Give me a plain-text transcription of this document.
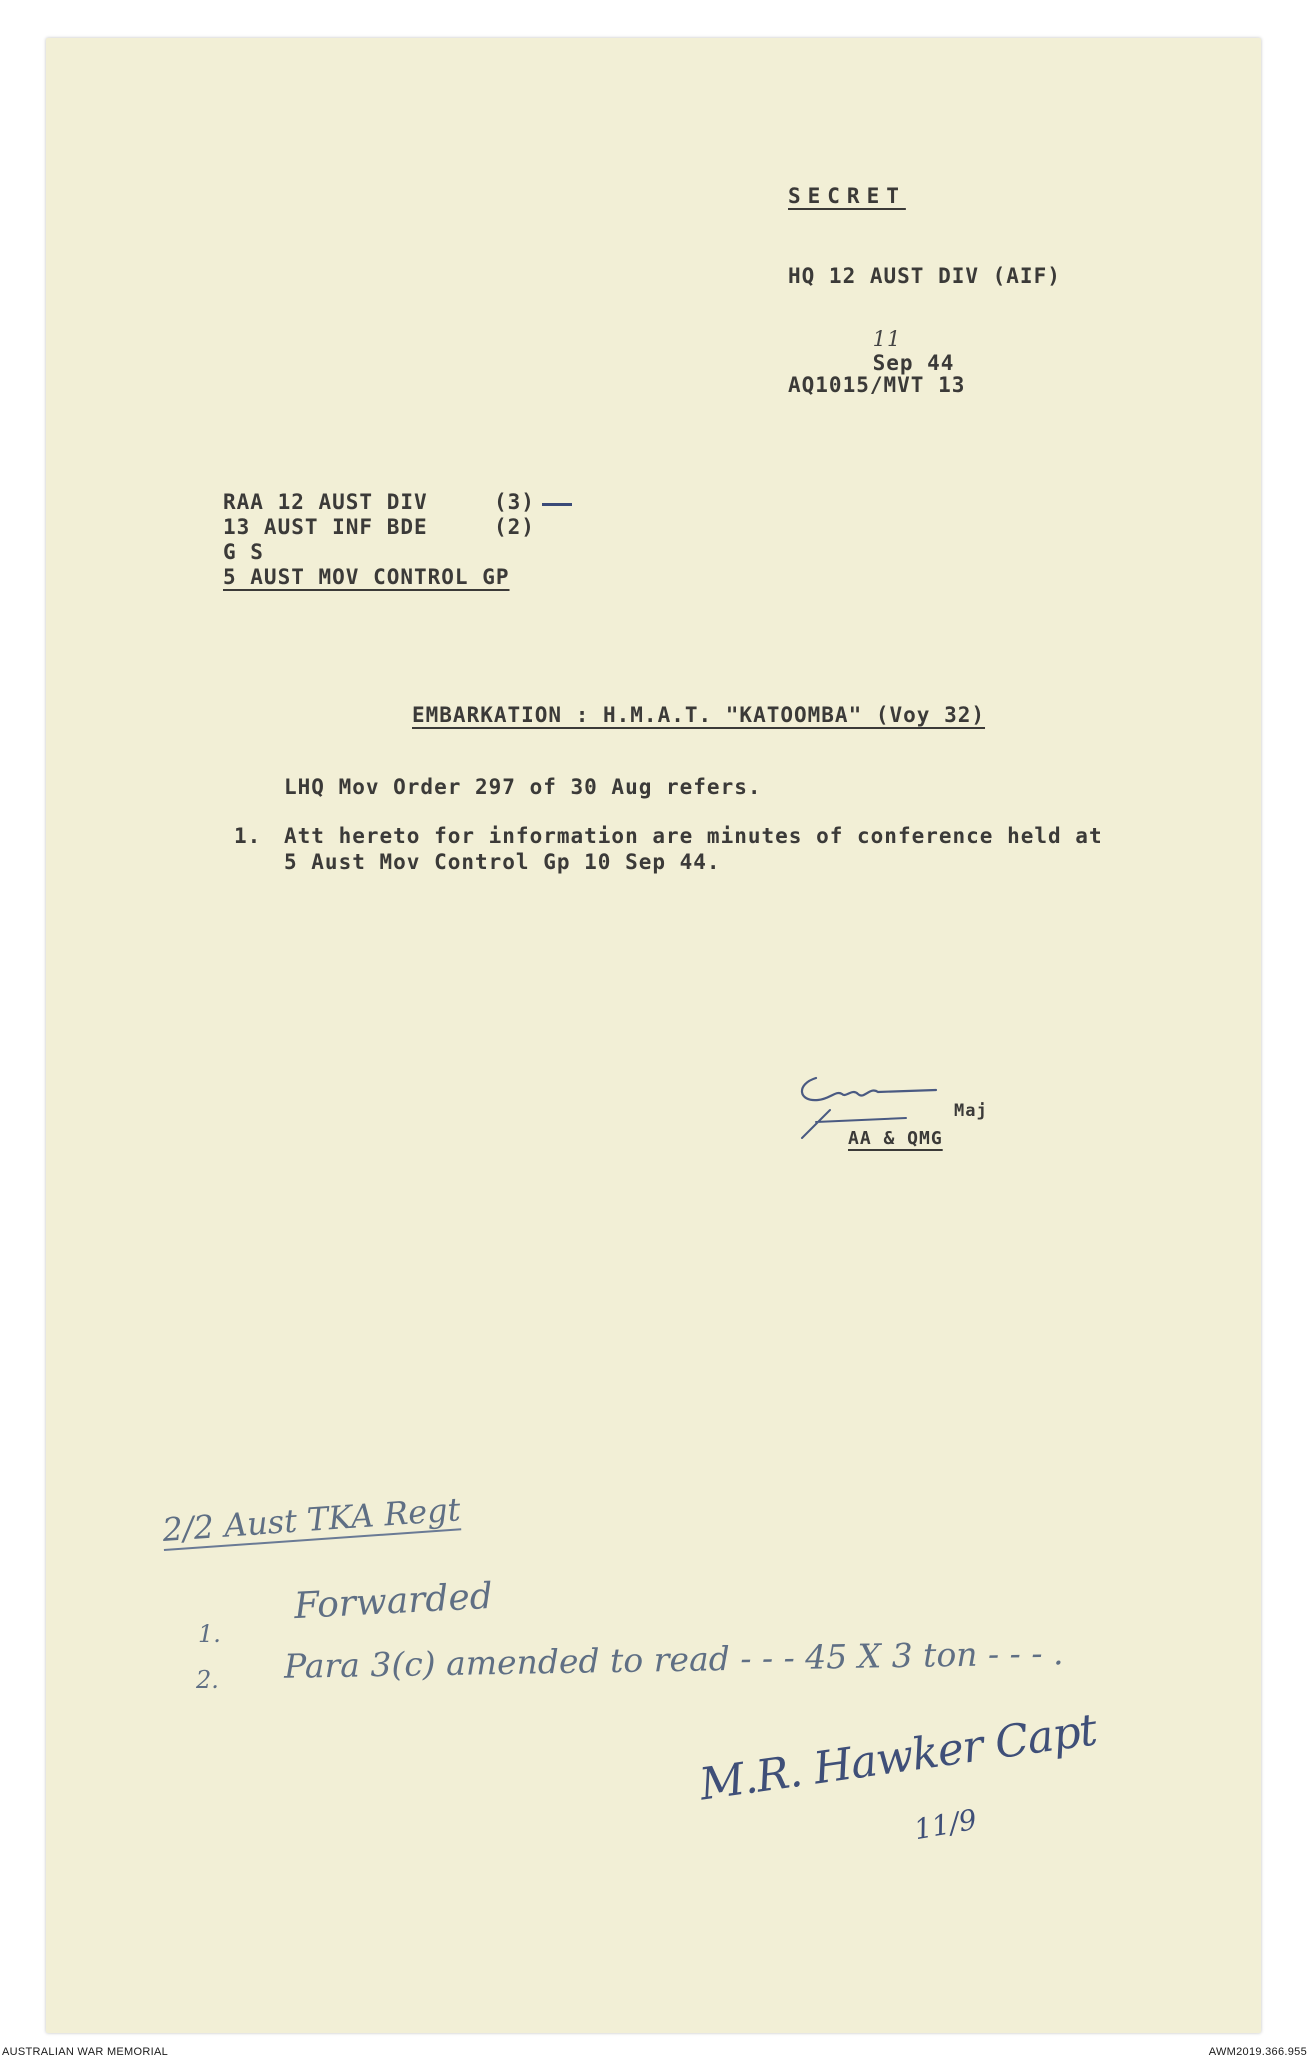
SECRET
HQ 12 AUST DIV (AIF)

11
Sep 44

AQ1015/MVT 13
RAA 12 AUST DIV	(3)
13 AUST INF BDE	(2)
G S
5 AUST MOV CONTROL GP
EMBARKATION : H.M.A.T. "KATOOMBA" (Voy 32)
LHQ Mov Order 297 of 30 Aug refers.
1. Att hereto for information are minutes of conference held at
5 Aust Mov Control Gp 10 Sep 44.
Maj
AA & QMG
2/2 Aust TKA Regt
1.
Forwarded
2. Para 3(c) amended to read - - - 45 X 3 ton - - - .
M.R. Hawker Capt
11/9
AUSTRALIAN WAR MEMORIAL	AWM2019.366.955
